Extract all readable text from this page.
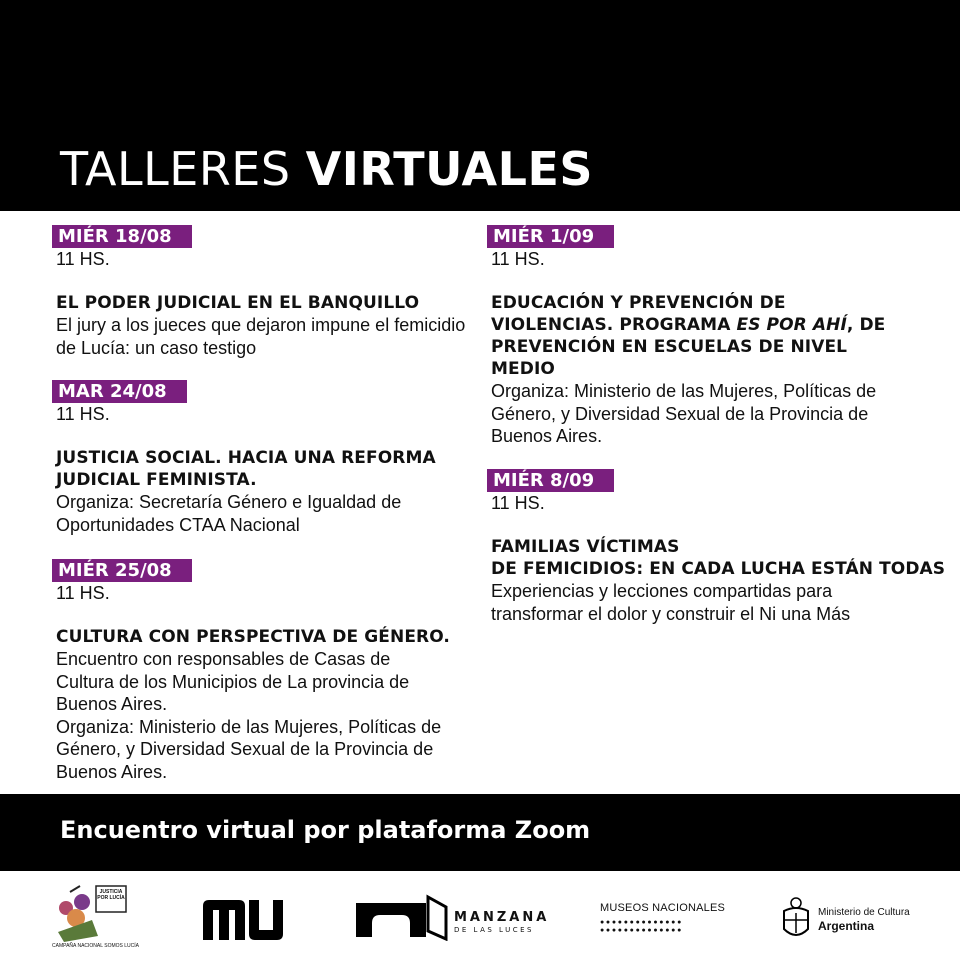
TALLERES VIRTUALES
MIÉR 18/08
11 HS.
EL PODER JUDICIAL EN EL BANQUILLO
El jury a los jueces que dejaron impune el femicidio de Lucía: un caso testigo
MAR 24/08
11 HS.
JUSTICIA SOCIAL. HACIA UNA REFORMA JUDICIAL FEMINISTA.
Organiza: Secretaría Género e Igualdad de Oportunidades CTAA Nacional
MIÉR 25/08
11 HS.
CULTURA CON PERSPECTIVA DE GÉNERO.
Encuentro con responsables de Casas de Cultura de los Municipios de La provincia de Buenos Aires.
Organiza: Ministerio de las Mujeres, Políticas de Género, y Diversidad Sexual de la Provincia de Buenos Aires.
MIÉR 1/09
11 HS.
EDUCACIÓN Y PREVENCIÓN DE VIOLENCIAS. PROGRAMA ES POR AHÍ, DE PREVENCIÓN EN ESCUELAS DE NIVEL MEDIO
Organiza: Ministerio de las Mujeres, Políticas de Género, y Diversidad Sexual de la Provincia de Buenos Aires.
MIÉR 8/09
11 HS.
FAMILIAS VÍCTIMAS
DE FEMICIDIOS: EN CADA LUCHA ESTÁN TODAS
Experiencias y lecciones compartidas para transformar el dolor y construir el Ni una Más
Encuentro virtual por plataforma Zoom
JUSTICIA POR LUCÍA
CAMPAÑA NACIONAL SOMOS LUCÍA
MANZANA
DE LAS LUCES
MUSEOS NACIONALES
●●●●●●●●●●●●●●
●●●●●●●●●●●●●●
Ministerio de Cultura
Argentina
